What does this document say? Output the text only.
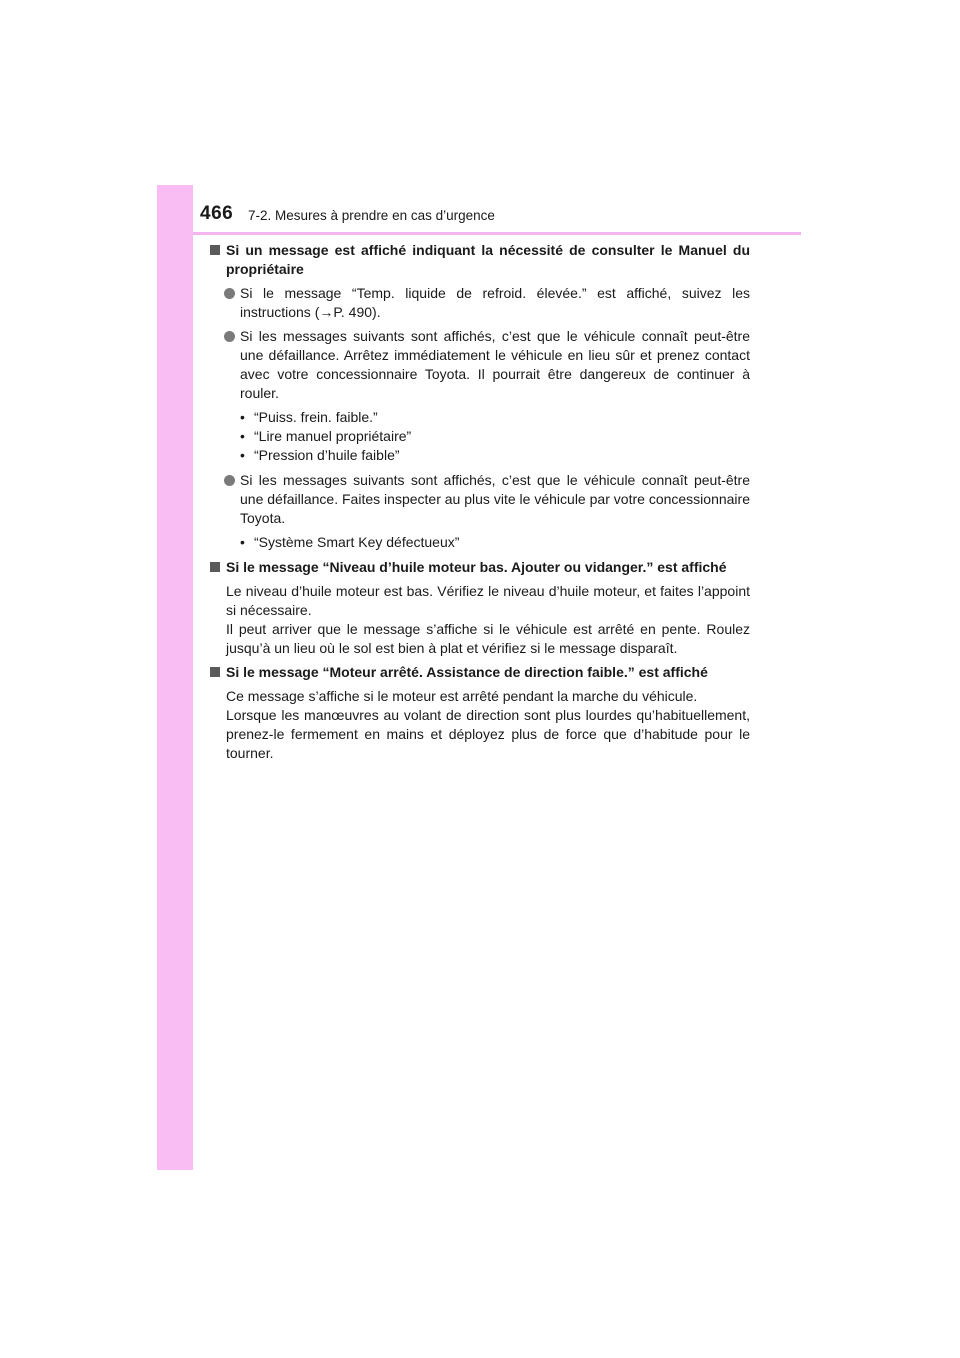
466 7-2. Mesures à prendre en cas d’urgence
Si un message est affiché indiquant la nécessité de consulter le Manuel du propriétaire
Si le message “Temp. liquide de refroid. élevée.” est affiché, suivez les instructions (→P. 490).
Si les messages suivants sont affichés, c’est que le véhicule connaît peut-être une défaillance. Arrêtez immédiatement le véhicule en lieu sûr et prenez contact avec votre concessionnaire Toyota. Il pourrait être dangereux de continuer à rouler.
• “Puiss. frein. faible.”
• “Lire manuel propriétaire”
• “Pression d’huile faible”
Si les messages suivants sont affichés, c’est que le véhicule connaît peut-être une défaillance. Faites inspecter au plus vite le véhicule par votre concessionnaire Toyota.
• “Système Smart Key défectueux”
Si le message “Niveau d’huile moteur bas. Ajouter ou vidanger.” est affiché
Le niveau d’huile moteur est bas. Vérifiez le niveau d’huile moteur, et faites l’appoint si nécessaire.
Il peut arriver que le message s’affiche si le véhicule est arrêté en pente. Roulez jusqu’à un lieu où le sol est bien à plat et vérifiez si le message disparaît.
Si le message “Moteur arrêté. Assistance de direction faible.” est affiché
Ce message s’affiche si le moteur est arrêté pendant la marche du véhicule.
Lorsque les manœuvres au volant de direction sont plus lourdes qu’habituellement, prenez-le fermement en mains et déployez plus de force que d’habitude pour le tourner.
